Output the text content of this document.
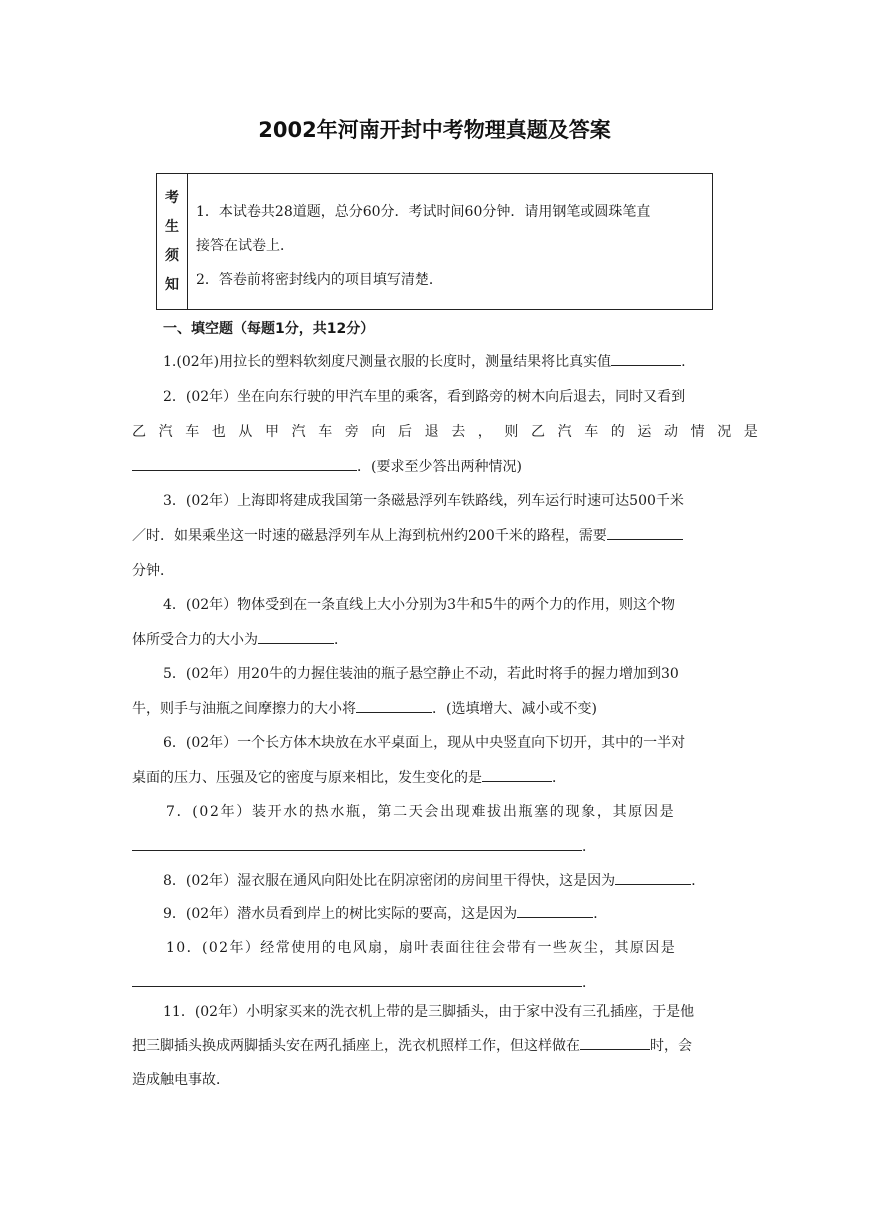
2002年河南开封中考物理真题及答案
考
生
须
知
1．本试卷共28道题，总分60分．考试时间60分钟．请用钢笔或圆珠笔直
接答在试卷上．
2．答卷前将密封线内的项目填写清楚．
一、填空题（每题1分，共12分）
1.(02年)用拉长的塑料软刻度尺测量衣服的长度时，测量结果将比真实值	.
2．(02年）坐在向东行驶的甲汽车里的乘客，看到路旁的树木向后退去，同时又看到
乙汽车也从甲汽车旁向后退去，则乙汽车的运动情况是
．(要求至少答出两种情况)
3．(02年）上海即将建成我国第一条磁悬浮列车铁路线，列车运行时速可达500千米
／时．如果乘坐这一时速的磁悬浮列车从上海到杭州约200千米的路程，需要
分钟．
4．(02年）物体受到在一条直线上大小分别为3牛和5牛的两个力的作用，则这个物
体所受合力的大小为	．
5．(02年）用20牛的力握住装油的瓶子悬空静止不动，若此时将手的握力增加到30
牛，则手与油瓶之间摩擦力的大小将	．(选填增大、减小或不变)
6．(02年）一个长方体木块放在水平桌面上，现从中央竖直向下切开，其中的一半对
桌面的压力、压强及它的密度与原来相比，发生变化的是	．
7．(02年）装开水的热水瓶，第二天会出现难拔出瓶塞的现象，其原因是
．
8．(02年）湿衣服在通风向阳处比在阴凉密闭的房间里干得快，这是因为	．
9．(02年）潜水员看到岸上的树比实际的要高，这是因为	．
10．(02年）经常使用的电风扇，扇叶表面往往会带有一些灰尘，其原因是
．
11．(02年）小明家买来的洗衣机上带的是三脚插头，由于家中没有三孔插座，于是他
把三脚插头换成两脚插头安在两孔插座上，洗衣机照样工作，但这样做在	时，会
造成触电事故．
